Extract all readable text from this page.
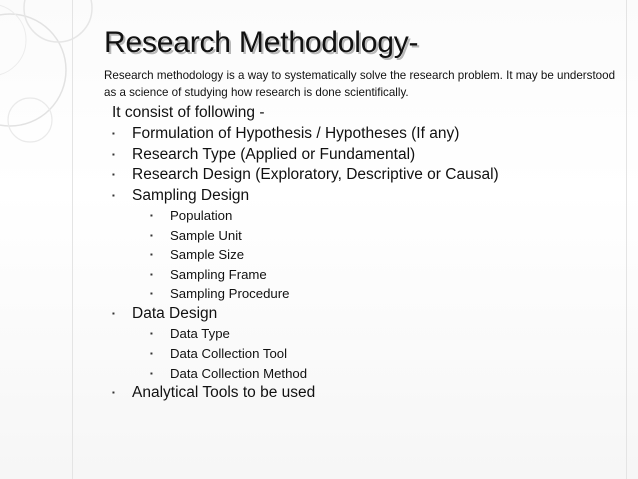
Research Methodology-

Research methodology is a way to systematically solve the research problem. It may be understood as a science of studying how research is done scientifically.

It consist of following -

▪ Formulation of Hypothesis / Hypotheses (If any)
▪ Research Type (Applied or Fundamental)
▪ Research Design (Exploratory, Descriptive or Causal)
▪ Sampling Design
▪ Population
▪ Sample Unit
▪ Sample Size
▪ Sampling Frame
▪ Sampling Procedure
▪ Data Design
▪ Data Type
▪ Data Collection Tool
▪ Data Collection Method
▪ Analytical Tools to be used
